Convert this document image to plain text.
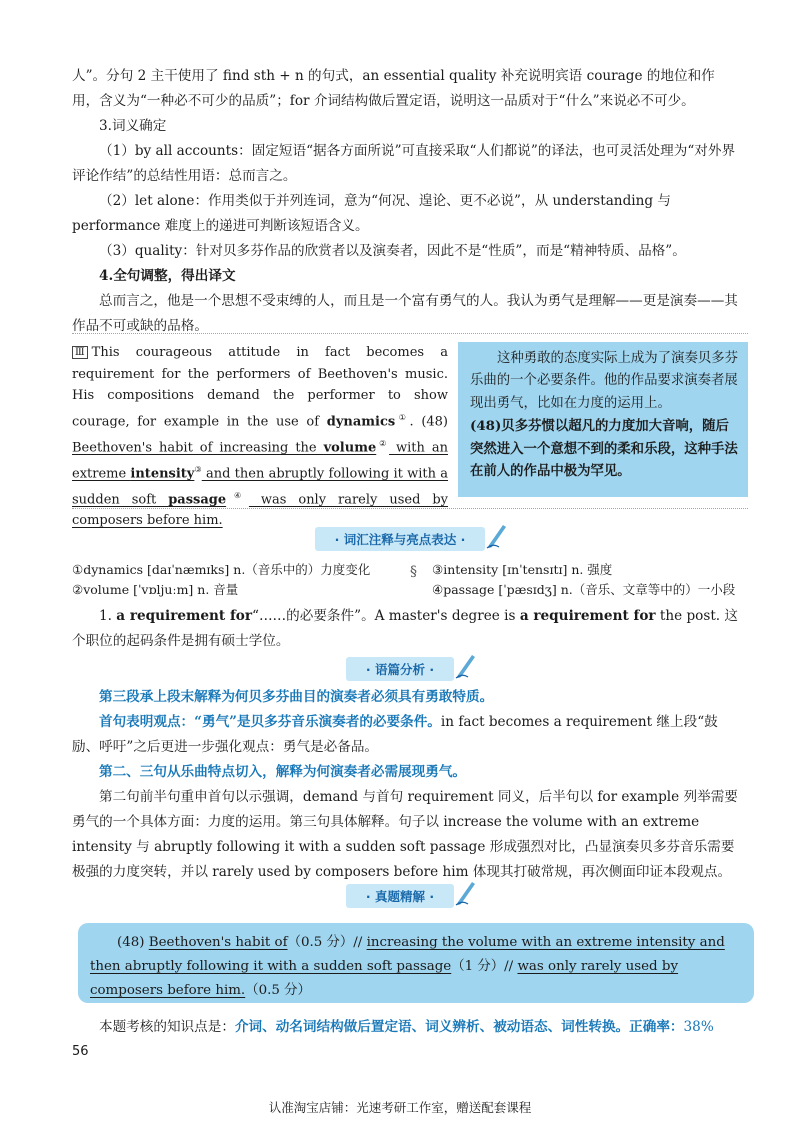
人”。分句 2 主干使用了 find sth + n 的句式，an essential quality 补充说明宾语 courage 的地位和作用，含义为“一种必不可少的品质”；for 介词结构做后置定语，说明这一品质对于“什么”来说必不可少。

3.词义确定

（1）by all accounts：固定短语“据各方面所说”可直接采取“人们都说”的译法，也可灵活处理为“对外界评论作结”的总结性用语：总而言之。

（2）let alone：作用类似于并列连词，意为“何况、遑论、更不必说”，从 understanding 与 performance 难度上的递进可判断该短语含义。

（3）quality：针对贝多芬作品的欣赏者以及演奏者，因此不是“性质”，而是“精神特质、品格”。

4.全句调整，得出译文

总而言之，他是一个思想不受束缚的人，而且是一个富有勇气的人。我认为勇气是理解——更是演奏——其作品不可或缺的品格。

Ⅲ This courageous attitude in fact becomes a requirement for the performers of Beethoven's music. His compositions demand the performer to show courage, for example in the use of dynamics①. (48) Beethoven's habit of increasing the volume② with an extreme intensity③ and then abruptly following it with a sudden soft passage④ was only rarely used by composers before him.

这种勇敢的态度实际上成为了演奏贝多芬乐曲的一个必要条件。他的作品要求演奏者展现出勇气，比如在力度的运用上。

(48)贝多芬惯以超凡的力度加大音响，随后突然进入一个意想不到的柔和乐段，这种手法在前人的作品中极为罕见。

· 词汇注释与亮点表达 ·
①dynamics [daɪˈnæmɪks] n.（音乐中的）力度变化
②volume [ˈvɒljuːm] n. 音量
§ ③intensity [ɪnˈtensɪtɪ] n. 强度
④passage [ˈpæsɪdʒ] n.（音乐、文章等中的）一小段

1. a requirement for“……的必要条件”。A master's degree is a requirement for the post. 这个职位的起码条件是拥有硕士学位。

· 语篇分析 ·

第三段承上段末解释为何贝多芬曲目的演奏者必须具有勇敢特质。

首句表明观点：“勇气”是贝多芬音乐演奏者的必要条件。in fact becomes a requirement 继上段“鼓励、呼吁”之后更进一步强化观点：勇气是必备品。

第二、三句从乐曲特点切入，解释为何演奏者必需展现勇气。

第二句前半句重申首句以示强调，demand 与首句 requirement 同义，后半句以 for example 列举需要勇气的一个具体方面：力度的运用。第三句具体解释。句子以 increase the volume with an extreme intensity 与 abruptly following it with a sudden soft passage 形成强烈对比，凸显演奏贝多芬音乐需要极强的力度突转，并以 rarely used by composers before him 体现其打破常规，再次侧面印证本段观点。

· 真题精解 ·

(48) Beethoven's habit of（0.5 分）// increasing the volume with an extreme intensity and then abruptly following it with a sudden soft passage（1 分）// was only rarely used by composers before him.（0.5 分）

本题考核的知识点是：介词、动名词结构做后置定语、词义辨析、被动语态、词性转换。正确率：38%

56
认准淘宝店铺：光速考研工作室，赠送配套课程
